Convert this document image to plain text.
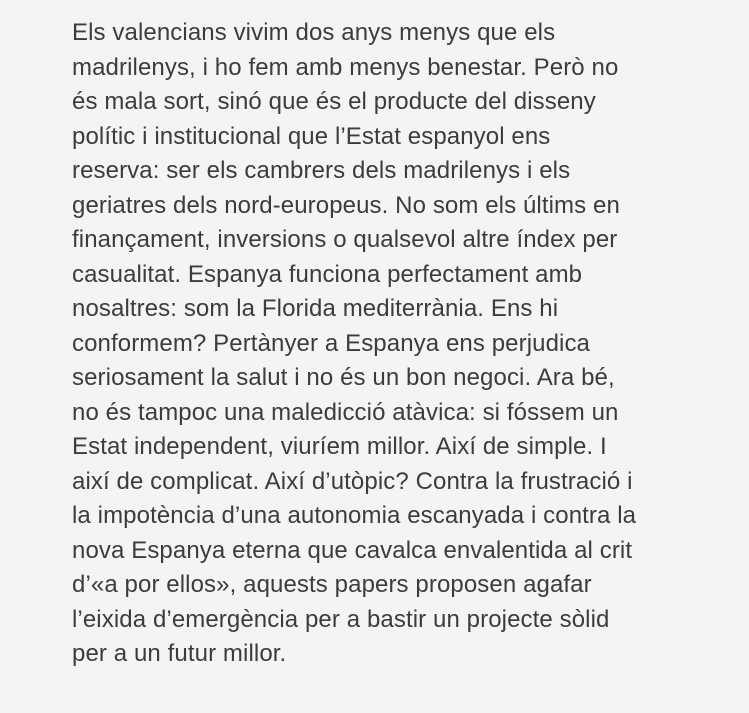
Els valencians vivim dos anys menys que els
madrilenys, i ho fem amb menys benestar. Però no
és mala sort, sinó que és el producte del disseny
polític i institucional que l’Estat espanyol ens
reserva: ser els cambrers dels madrilenys i els
geriatres dels nord-europeus. No som els últims en
finançament, inversions o qualsevol altre índex per
casualitat. Espanya funciona perfectament amb
nosaltres: som la Florida mediterrània. Ens hi
conformem? Pertànyer a Espanya ens perjudica
seriosament la salut i no és un bon negoci. Ara bé,
no és tampoc una maledicció atàvica: si fóssem un
Estat independent, viuríem millor. Així de simple. I
així de complicat. Així d’utòpic? Contra la frustració i
la impotència d’una autonomia escanyada i contra la
nova Espanya eterna que cavalca envalentida al crit
d’«a por ellos», aquests papers proposen agafar
l’eixida d’emergència per a bastir un projecte sòlid
per a un futur millor.
